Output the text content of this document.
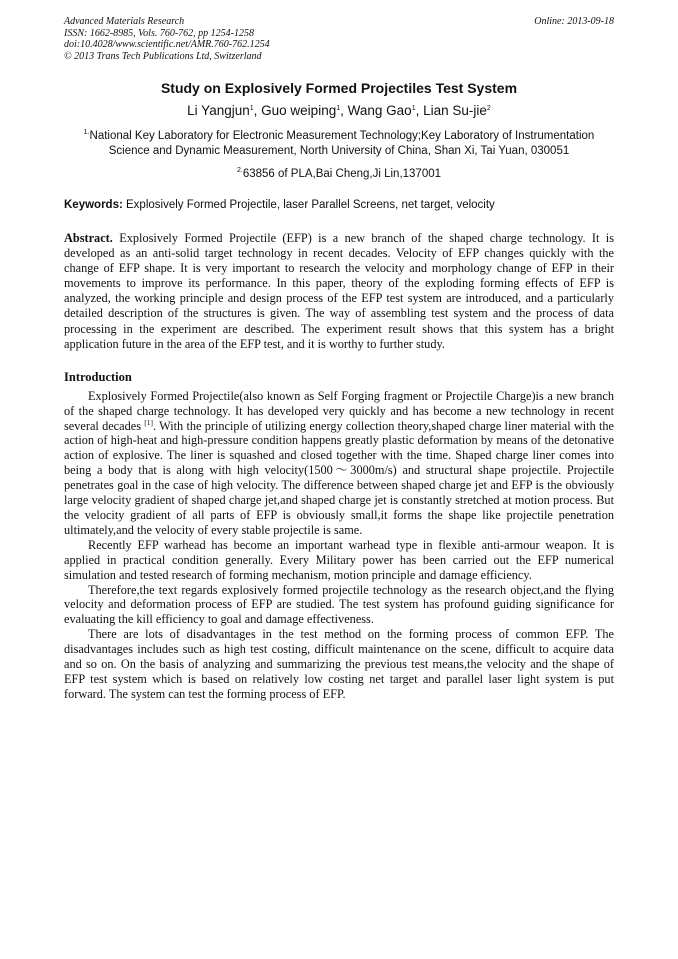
Advanced Materials Research
ISSN: 1662-8985, Vols. 760-762, pp 1254-1258
doi:10.4028/www.scientific.net/AMR.760-762.1254
© 2013 Trans Tech Publications Ltd, Switzerland
Online: 2013-09-18
Study on Explosively Formed Projectiles Test System
Li Yangjun$^1$, Guo weiping$^1$, Wang Gao$^1$, Lian Su-jie$^2$
$^{1.}$National Key Laboratory for Electronic Measurement Technology;Key Laboratory of Instrumentation Science and Dynamic Measurement, North University of China, Shan Xi, Tai Yuan, 030051
$^{2.}$63856 of PLA,Bai Cheng,Ji Lin,137001
Keywords: Explosively Formed Projectile, laser Parallel Screens, net target, velocity
Abstract. Explosively Formed Projectile (EFP) is a new branch of the shaped charge technology. It is developed as an anti-solid target technology in recent decades. Velocity of EFP changes quickly with the change of EFP shape. It is very important to research the velocity and morphology change of EFP in their movements to improve its performance. In this paper, theory of the exploding forming effects of EFP is analyzed, the working principle and design process of the EFP test system are introduced, and a particularly detailed description of the structures is given. The way of assembling test system and the process of data processing in the experiment are described. The experiment result shows that this system has a bright application future in the area of the EFP test, and it is worthy to further study.
Introduction

Explosively Formed Projectile(also known as Self Forging fragment or Projectile Charge)is a new branch of the shaped charge technology. It has developed very quickly and has become a new technology in recent several decades [1]. With the principle of utilizing energy collection theory,shaped charge liner material with the action of high-heat and high-pressure condition happens greatly plastic deformation by means of the detonative action of explosive. The liner is squashed and closed together with the time. Shaped charge liner comes into being a body that is along with high velocity(1500～3000m/s) and structural shape projectile. Projectile penetrates goal in the case of high velocity. The difference between shaped charge jet and EFP is the obviously large velocity gradient of shaped charge jet,and shaped charge jet is constantly stretched at motion process. But the velocity gradient of all parts of EFP is obviously small,it forms the shape like projectile penetration ultimately,and the velocity of every stable projectile is same.

Recently EFP warhead has become an important warhead type in flexible anti-armour weapon. It is applied in practical condition generally. Every Military power has been carried out the EFP numerical simulation and tested research of forming mechanism, motion principle and damage efficiency.

Therefore,the text regards explosively formed projectile technology as the research object,and the flying velocity and deformation process of EFP are studied. The test system has profound guiding significance for evaluating the kill efficiency to goal and damage effectiveness.

There are lots of disadvantages in the test method on the forming process of common EFP. The disadvantages includes such as high test costing, difficult maintenance on the scene, difficult to acquire data and so on. On the basis of analyzing and summarizing the previous test means,the velocity and the shape of EFP test system which is based on relatively low costing net target and parallel laser light system is put forward. The system can test the forming process of EFP.
